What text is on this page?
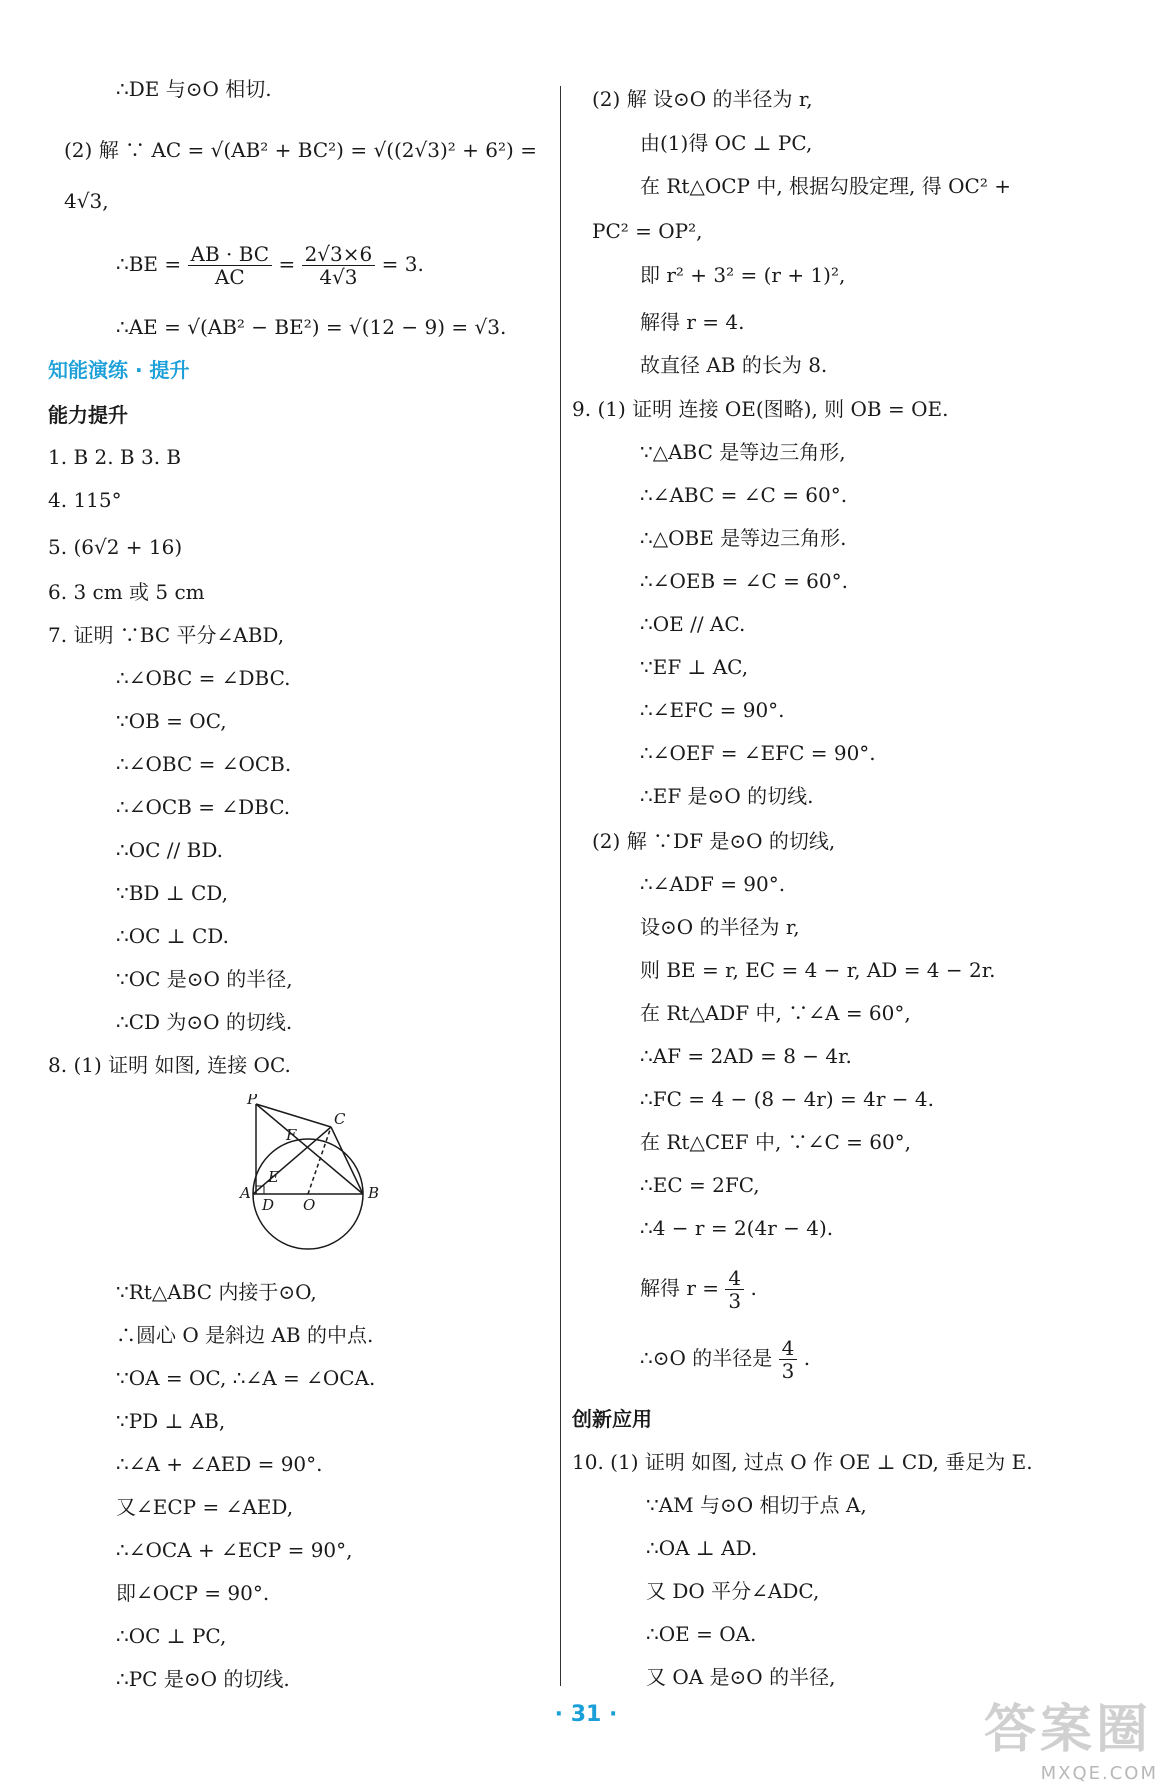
∴DE 与⊙O 相切.
(2) 解 ∵ AC = √(AB² + BC²) = √((2√3)² + 6²) =
4√3,
∴BE = $\frac{AB \cdot BC}{AC} = \frac{2√3\times 6}{4√3} = 3$.
∴AE = √(AB² − BE²) = √(12 − 9) = √3.
知能演练 · 提升
能力提升
1. B 2. B 3. B
4. 115°
5. (6√2 + 16)
6. 3 cm 或 5 cm
7. 证明 ∵BC 平分∠ABD,
∴∠OBC = ∠DBC.
∵OB = OC,
∴∠OBC = ∠OCB.
∴∠OCB = ∠DBC.
∴OC // BD.
∵BD ⊥ CD,
∴OC ⊥ CD.
∵OC 是⊙O 的半径,
∴CD 为⊙O 的切线.
8. (1) 证明 如图, 连接 OC.
A	B
P
C
F
E
D O
∵Rt△ABC 内接于⊙O,
∴圆心 O 是斜边 AB 的中点.
∵OA = OC, ∴∠A = ∠OCA.
∵PD ⊥ AB,
∴∠A + ∠AED = 90°.
又∠ECP = ∠AED,
∴∠OCA + ∠ECP = 90°,
即∠OCP = 90°.
∴OC ⊥ PC,
∴PC 是⊙O 的切线.
(2) 解 设⊙O 的半径为 r,
由(1)得 OC ⊥ PC,
在 Rt△OCP 中, 根据勾股定理, 得 OC² +
PC² = OP²,
即 r² + 3² = (r + 1)²,
解得 r = 4.
故直径 AB 的长为 8.
9. (1) 证明 连接 OE(图略), 则 OB = OE.
∵△ABC 是等边三角形,
∴∠ABC = ∠C = 60°.
∴△OBE 是等边三角形.
∴∠OEB = ∠C = 60°.
∴OE // AC.
∵EF ⊥ AC,
∴∠EFC = 90°.
∴∠OEF = ∠EFC = 90°.
∴EF 是⊙O 的切线.
(2) 解 ∵DF 是⊙O 的切线,
∴∠ADF = 90°.
设⊙O 的半径为 r,
则 BE = r, EC = 4 − r, AD = 4 − 2r.
在 Rt△ADF 中, ∵∠A = 60°,
∴AF = 2AD = 8 − 4r.
∴FC = 4 − (8 − 4r) = 4r − 4.
在 Rt△CEF 中, ∵∠C = 60°,
∴EC = 2FC,
∴4 − r = 2(4r − 4).
解得 $r = \frac{4}{3}$ .
∴⊙O 的半径是 $\frac{4}{3}$ .
创新应用
10. (1) 证明 如图, 过点 O 作 OE ⊥ CD, 垂足为 E.
∵AM 与⊙O 相切于点 A,
∴OA ⊥ AD.
又 DO 平分∠ADC,
∴OE = OA.
又 OA 是⊙O 的半径,
· 31 ·	答案圈
MXQE.COM
